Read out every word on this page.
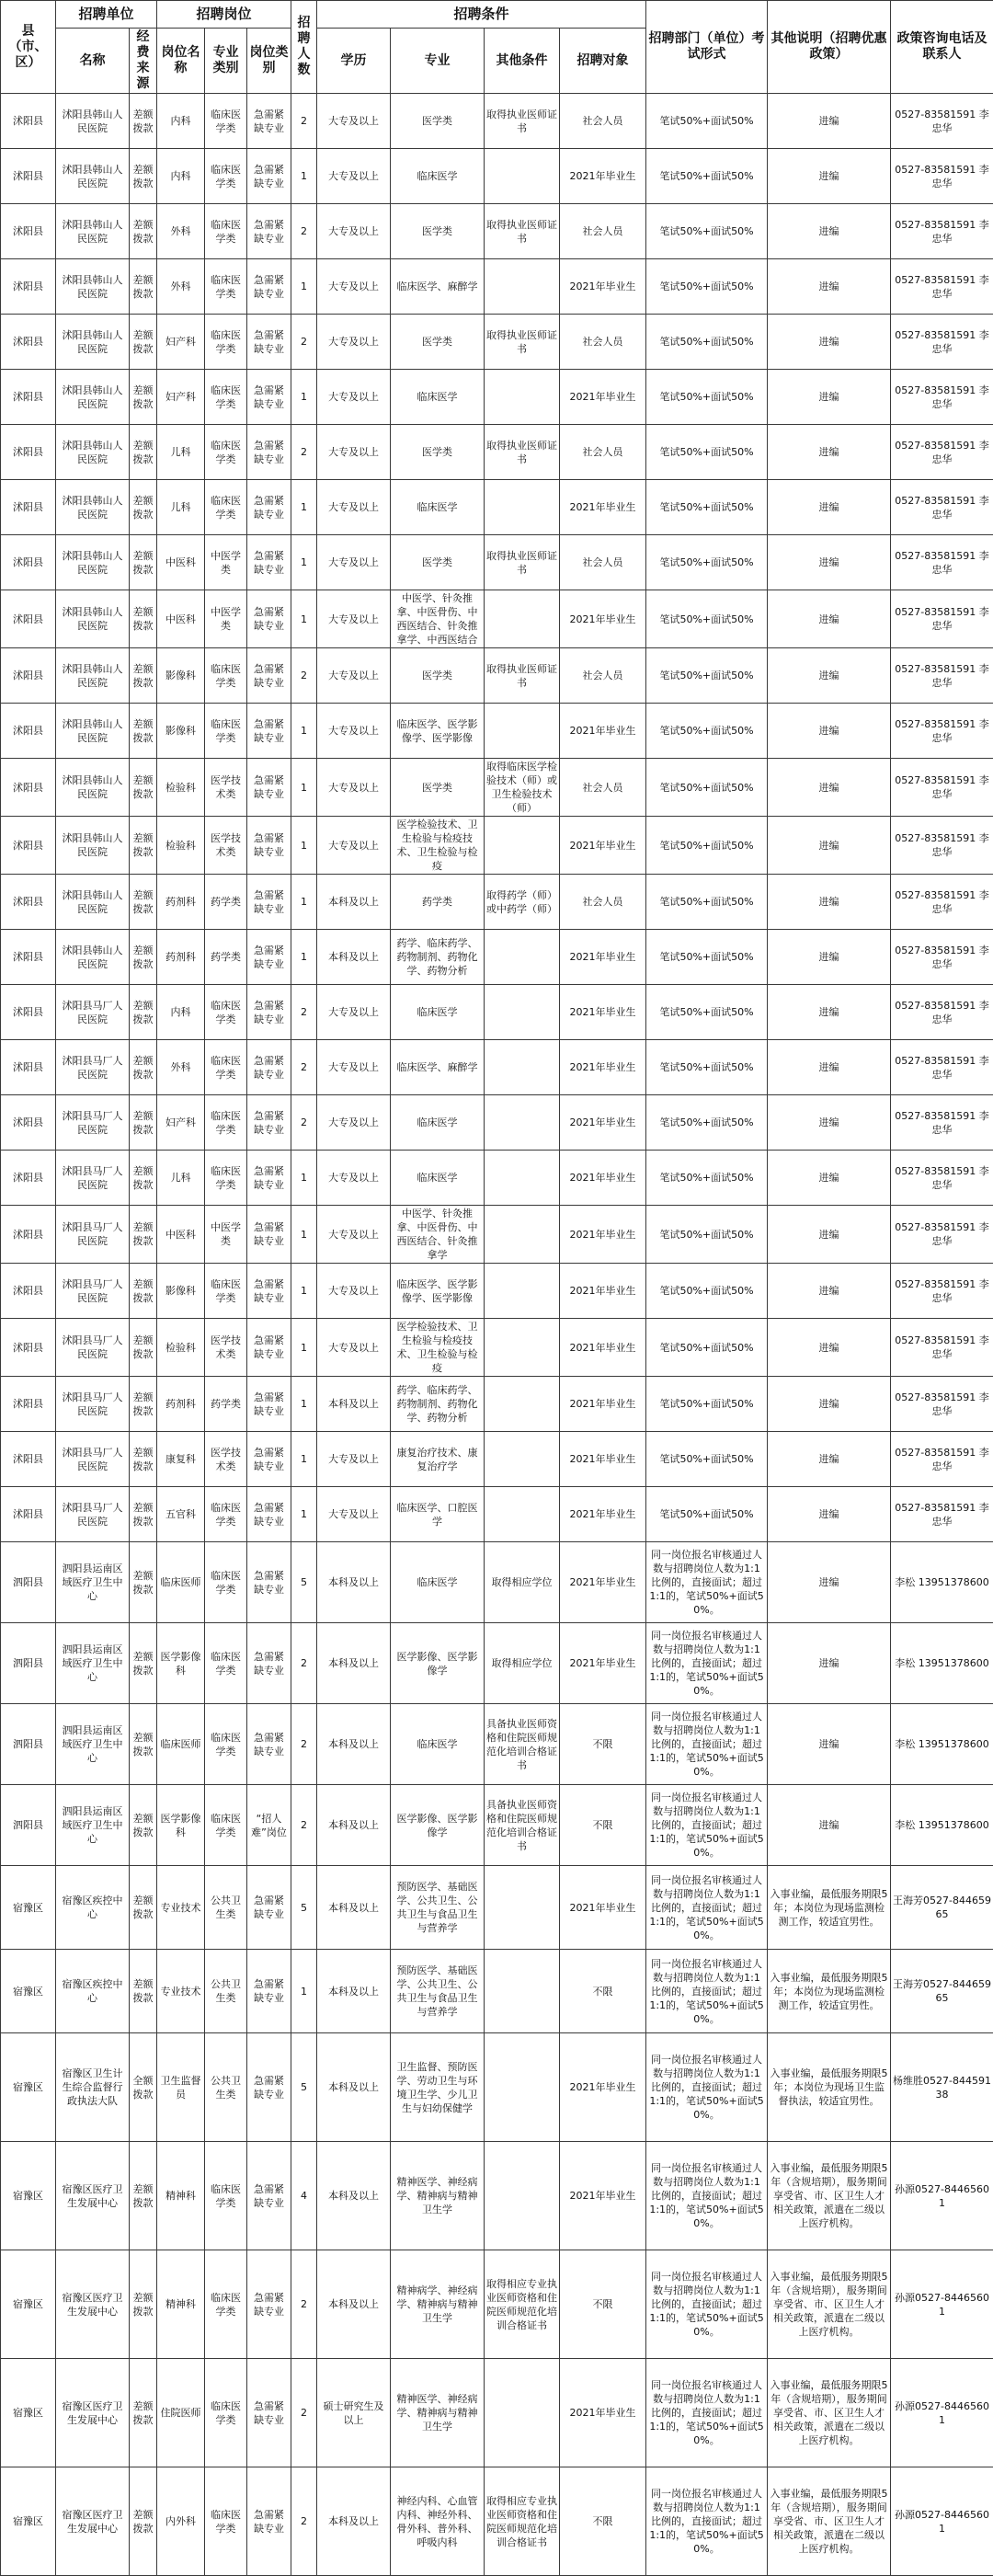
县（市、区）	招聘单位		招聘岗位			招聘人数	招聘条件				招聘部门（单位）考试形式	其他说明（招聘优惠政策）	政策咨询电话及联系人
	名称	经费来源	岗位名称	专业类别	岗位类别		学历	专业	其他条件	招聘对象			
沭阳县	沭阳县韩山人民医院	差额拨款	内科	临床医学类	急需紧缺专业	2	大专及以上	医学类	取得执业医师证书	社会人员	笔试50%+面试50%	进编	0527-83581591 李忠华
沭阳县	沭阳县韩山人民医院	差额拨款	内科	临床医学类	急需紧缺专业	1	大专及以上	临床医学		2021年毕业生	笔试50%+面试50%	进编	0527-83581591 李忠华
沭阳县	沭阳县韩山人民医院	差额拨款	外科	临床医学类	急需紧缺专业	2	大专及以上	医学类	取得执业医师证书	社会人员	笔试50%+面试50%	进编	0527-83581591 李忠华
沭阳县	沭阳县韩山人民医院	差额拨款	外科	临床医学类	急需紧缺专业	1	大专及以上	临床医学、麻醉学		2021年毕业生	笔试50%+面试50%	进编	0527-83581591 李忠华
沭阳县	沭阳县韩山人民医院	差额拨款	妇产科	临床医学类	急需紧缺专业	2	大专及以上	医学类	取得执业医师证书	社会人员	笔试50%+面试50%	进编	0527-83581591 李忠华
沭阳县	沭阳县韩山人民医院	差额拨款	妇产科	临床医学类	急需紧缺专业	1	大专及以上	临床医学		2021年毕业生	笔试50%+面试50%	进编	0527-83581591 李忠华
沭阳县	沭阳县韩山人民医院	差额拨款	儿科	临床医学类	急需紧缺专业	2	大专及以上	医学类	取得执业医师证书	社会人员	笔试50%+面试50%	进编	0527-83581591 李忠华
沭阳县	沭阳县韩山人民医院	差额拨款	儿科	临床医学类	急需紧缺专业	1	大专及以上	临床医学		2021年毕业生	笔试50%+面试50%	进编	0527-83581591 李忠华
沭阳县	沭阳县韩山人民医院	差额拨款	中医科	中医学类	急需紧缺专业	1	大专及以上	医学类	取得执业医师证书	社会人员	笔试50%+面试50%	进编	0527-83581591 李忠华
沭阳县	沭阳县韩山人民医院	差额拨款	中医科	中医学类	急需紧缺专业	1	大专及以上	中医学、针灸推拿、中医骨伤、中西医结合、针灸推拿学、中西医结合		2021年毕业生	笔试50%+面试50%	进编	0527-83581591 李忠华
沭阳县	沭阳县韩山人民医院	差额拨款	影像科	临床医学类	急需紧缺专业	2	大专及以上	医学类	取得执业医师证书	社会人员	笔试50%+面试50%	进编	0527-83581591 李忠华
沭阳县	沭阳县韩山人民医院	差额拨款	影像科	临床医学类	急需紧缺专业	1	大专及以上	临床医学、医学影像学、医学影像		2021年毕业生	笔试50%+面试50%	进编	0527-83581591 李忠华
沭阳县	沭阳县韩山人民医院	差额拨款	检验科	医学技术类	急需紧缺专业	1	大专及以上	医学类	取得临床医学检验技术（师）或卫生检验技术（师）	社会人员	笔试50%+面试50%	进编	0527-83581591 李忠华
沭阳县	沭阳县韩山人民医院	差额拨款	检验科	医学技术类	急需紧缺专业	1	大专及以上	医学检验技术、卫生检验与检疫技术、卫生检验与检疫		2021年毕业生	笔试50%+面试50%	进编	0527-83581591 李忠华
沭阳县	沭阳县韩山人民医院	差额拨款	药剂科	药学类	急需紧缺专业	1	本科及以上	药学类	取得药学（师）或中药学（师）	社会人员	笔试50%+面试50%	进编	0527-83581591 李忠华
沭阳县	沭阳县韩山人民医院	差额拨款	药剂科	药学类	急需紧缺专业	1	本科及以上	药学、临床药学、药物制剂、药物化学、药物分析		2021年毕业生	笔试50%+面试50%	进编	0527-83581591 李忠华
沭阳县	沭阳县马厂人民医院	差额拨款	内科	临床医学类	急需紧缺专业	2	大专及以上	临床医学		2021年毕业生	笔试50%+面试50%	进编	0527-83581591 李忠华
沭阳县	沭阳县马厂人民医院	差额拨款	外科	临床医学类	急需紧缺专业	2	大专及以上	临床医学、麻醉学		2021年毕业生	笔试50%+面试50%	进编	0527-83581591 李忠华
沭阳县	沭阳县马厂人民医院	差额拨款	妇产科	临床医学类	急需紧缺专业	2	大专及以上	临床医学		2021年毕业生	笔试50%+面试50%	进编	0527-83581591 李忠华
沭阳县	沭阳县马厂人民医院	差额拨款	儿科	临床医学类	急需紧缺专业	1	大专及以上	临床医学		2021年毕业生	笔试50%+面试50%	进编	0527-83581591 李忠华
沭阳县	沭阳县马厂人民医院	差额拨款	中医科	中医学类	急需紧缺专业	1	大专及以上	中医学、针灸推拿、中医骨伤、中西医结合、针灸推拿学		2021年毕业生	笔试50%+面试50%	进编	0527-83581591 李忠华
沭阳县	沭阳县马厂人民医院	差额拨款	影像科	临床医学类	急需紧缺专业	1	大专及以上	临床医学、医学影像学、医学影像		2021年毕业生	笔试50%+面试50%	进编	0527-83581591 李忠华
沭阳县	沭阳县马厂人民医院	差额拨款	检验科	医学技术类	急需紧缺专业	1	大专及以上	医学检验技术、卫生检验与检疫技术、卫生检验与检疫		2021年毕业生	笔试50%+面试50%	进编	0527-83581591 李忠华
沭阳县	沭阳县马厂人民医院	差额拨款	药剂科	药学类	急需紧缺专业	1	本科及以上	药学、临床药学、药物制剂、药物化学、药物分析		2021年毕业生	笔试50%+面试50%	进编	0527-83581591 李忠华
沭阳县	沭阳县马厂人民医院	差额拨款	康复科	医学技术类	急需紧缺专业	1	大专及以上	康复治疗技术、康复治疗学		2021年毕业生	笔试50%+面试50%	进编	0527-83581591 李忠华
沭阳县	沭阳县马厂人民医院	差额拨款	五官科	临床医学类	急需紧缺专业	1	大专及以上	临床医学、口腔医学		2021年毕业生	笔试50%+面试50%	进编	0527-83581591 李忠华
泗阳县	泗阳县运南区域医疗卫生中心	差额拨款	临床医师	临床医学类	急需紧缺专业	5	本科及以上	临床医学	取得相应学位	2021年毕业生	同一岗位报名审核通过人数与招聘岗位人数为1:1比例的，直接面试；超过1:1的，笔试50%+面试50%。	进编	李松 13951378600
泗阳县	泗阳县运南区域医疗卫生中心	差额拨款	医学影像科	临床医学类	急需紧缺专业	2	本科及以上	医学影像、医学影像学	取得相应学位	2021年毕业生	同一岗位报名审核通过人数与招聘岗位人数为1:1比例的，直接面试；超过1:1的，笔试50%+面试50%。	进编	李松 13951378600
泗阳县	泗阳县运南区域医疗卫生中心	差额拨款	临床医师	临床医学类	急需紧缺专业	2	本科及以上	临床医学	具备执业医师资格和住院医师规范化培训合格证书	不限	同一岗位报名审核通过人数与招聘岗位人数为1:1比例的，直接面试；超过1:1的，笔试50%+面试50%。	进编	李松 13951378600
泗阳县	泗阳县运南区域医疗卫生中心	差额拨款	医学影像科	临床医学类	“招人难”岗位	2	本科及以上	医学影像、医学影像学	具备执业医师资格和住院医师规范化培训合格证书	不限	同一岗位报名审核通过人数与招聘岗位人数为1:1比例的，直接面试；超过1:1的，笔试50%+面试50%。	进编	李松 13951378600
宿豫区	宿豫区疾控中心	差额拨款	专业技术	公共卫生类	急需紧缺专业	5	本科及以上	预防医学、基础医学、公共卫生、公共卫生与食品卫生与营养学		2021年毕业生	同一岗位报名审核通过人数与招聘岗位人数为1:1比例的，直接面试；超过1:1的，笔试50%+面试50%。	入事业编，最低服务期限5年；本岗位为现场监测检测工作，较适宜男性。	王海芳0527-84465965
宿豫区	宿豫区疾控中心	差额拨款	专业技术	公共卫生类	急需紧缺专业	1	本科及以上	预防医学、基础医学、公共卫生、公共卫生与食品卫生与营养学		不限	同一岗位报名审核通过人数与招聘岗位人数为1:1比例的，直接面试；超过1:1的，笔试50%+面试50%。	入事业编，最低服务期限5年；本岗位为现场监测检测工作，较适宜男性。	王海芳0527-84465965
宿豫区	宿豫区卫生计生综合监督行政执法大队	全额拨款	卫生监督员	公共卫生类	急需紧缺专业	5	本科及以上	卫生监督、预防医学、劳动卫生与环境卫生学、少儿卫生与妇幼保健学		2021年毕业生	同一岗位报名审核通过人数与招聘岗位人数为1:1比例的，直接面试；超过1:1的，笔试50%+面试50%。	入事业编，最低服务期限5年；本岗位为现场卫生监督执法，较适宜男性。	杨维胜0527-84459138
宿豫区	宿豫区医疗卫生发展中心	差额拨款	精神科	临床医学类	急需紧缺专业	4	本科及以上	精神医学、神经病学、精神病与精神卫生学		2021年毕业生	同一岗位报名审核通过人数与招聘岗位人数为1:1比例的，直接面试；超过1:1的，笔试50%+面试50%。	入事业编，最低服务期限5年（含规培期），服务期间享受省、市、区卫生人才相关政策，派遣在二级以上医疗机构。	孙源0527-84465601
宿豫区	宿豫区医疗卫生发展中心	差额拨款	精神科	临床医学类	急需紧缺专业	2	本科及以上	精神病学、神经病学、精神病与精神卫生学	取得相应专业执业医师资格和住院医师规范化培训合格证书	不限	同一岗位报名审核通过人数与招聘岗位人数为1:1比例的，直接面试；超过1:1的，笔试50%+面试50%。	入事业编，最低服务期限5年（含规培期），服务期间享受省、市、区卫生人才相关政策，派遣在二级以上医疗机构。	孙源0527-84465601
宿豫区	宿豫区医疗卫生发展中心	差额拨款	住院医师	临床医学类	急需紧缺专业	2	硕士研究生及以上	精神医学、神经病学、精神病与精神卫生学		2021年毕业生	同一岗位报名审核通过人数与招聘岗位人数为1:1比例的，直接面试；超过1:1的，笔试50%+面试50%。	入事业编，最低服务期限5年（含规培期），服务期间享受省、市、区卫生人才相关政策，派遣在二级以上医疗机构。	孙源0527-84465601
宿豫区	宿豫区医疗卫生发展中心	差额拨款	内外科	临床医学类	急需紧缺专业	2	本科及以上	神经内科、心血管内科、神经外科、骨外科、普外科、呼吸内科	取得相应专业执业医师资格和住院医师规范化培训合格证书	不限	同一岗位报名审核通过人数与招聘岗位人数为1:1比例的，直接面试；超过1:1的，笔试50%+面试50%。	入事业编，最低服务期限5年（含规培期），服务期间享受省、市、区卫生人才相关政策，派遣在二级以上医疗机构。	孙源0527-84465601
